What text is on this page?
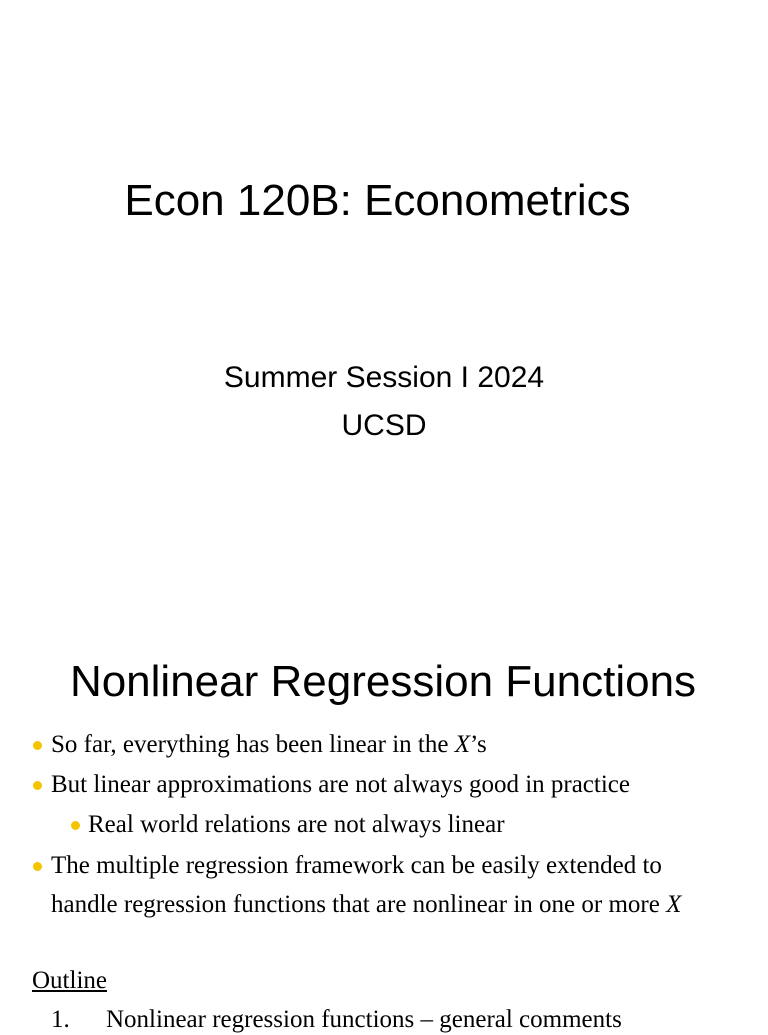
Econ 120B: Econometrics
Summer Session I 2024
UCSD
Nonlinear Regression Functions
So far, everything has been linear in the X’s
But linear approximations are not always good in practice
Real world relations are not always linear
The multiple regression framework can be easily extended to
handle regression functions that are nonlinear in one or more X
Outline
1. Nonlinear regression functions – general comments
